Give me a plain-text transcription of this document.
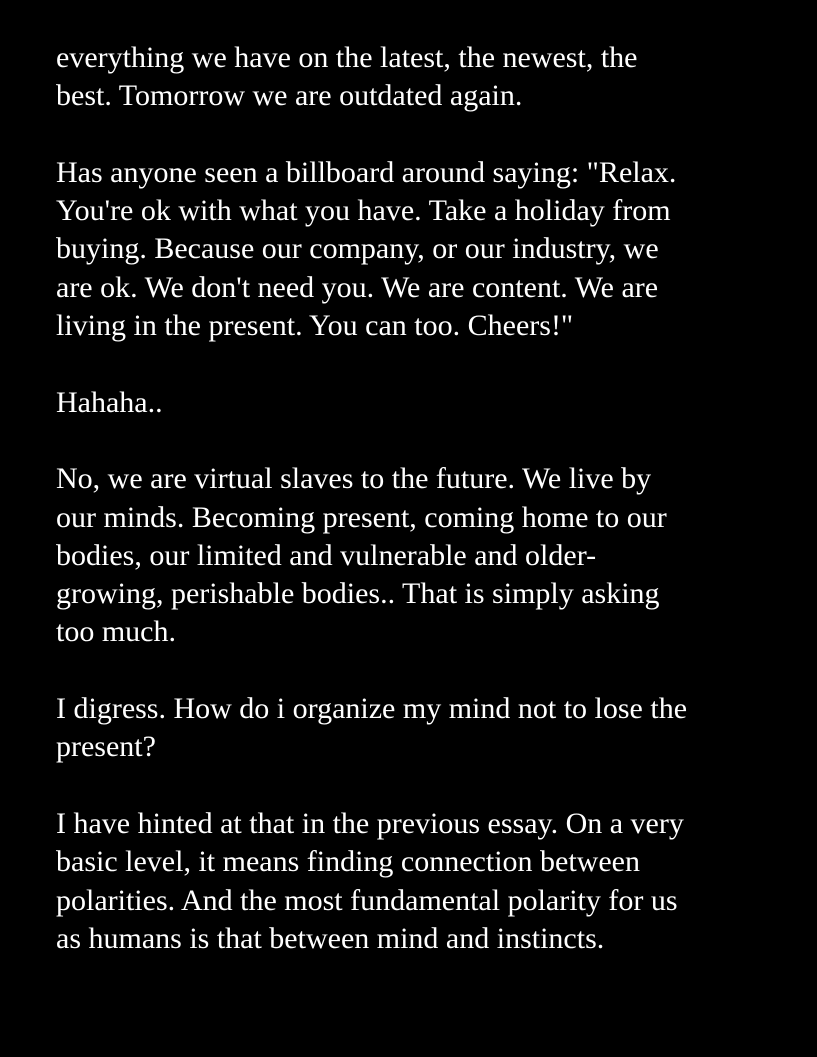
everything we have on the latest, the newest, the
best. Tomorrow we are outdated again.

Has anyone seen a billboard around saying: "Relax.
You're ok with what you have. Take a holiday from
buying. Because our company, or our industry, we
are ok. We don't need you. We are content. We are
living in the present. You can too. Cheers!"

Hahaha..

No, we are virtual slaves to the future. We live by
our minds. Becoming present, coming home to our
bodies, our limited and vulnerable and older-
growing, perishable bodies.. That is simply asking
too much.

I digress. How do i organize my mind not to lose the
present?

I have hinted at that in the previous essay. On a very
basic level, it means finding connection between
polarities. And the most fundamental polarity for us
as humans is that between mind and instincts.
